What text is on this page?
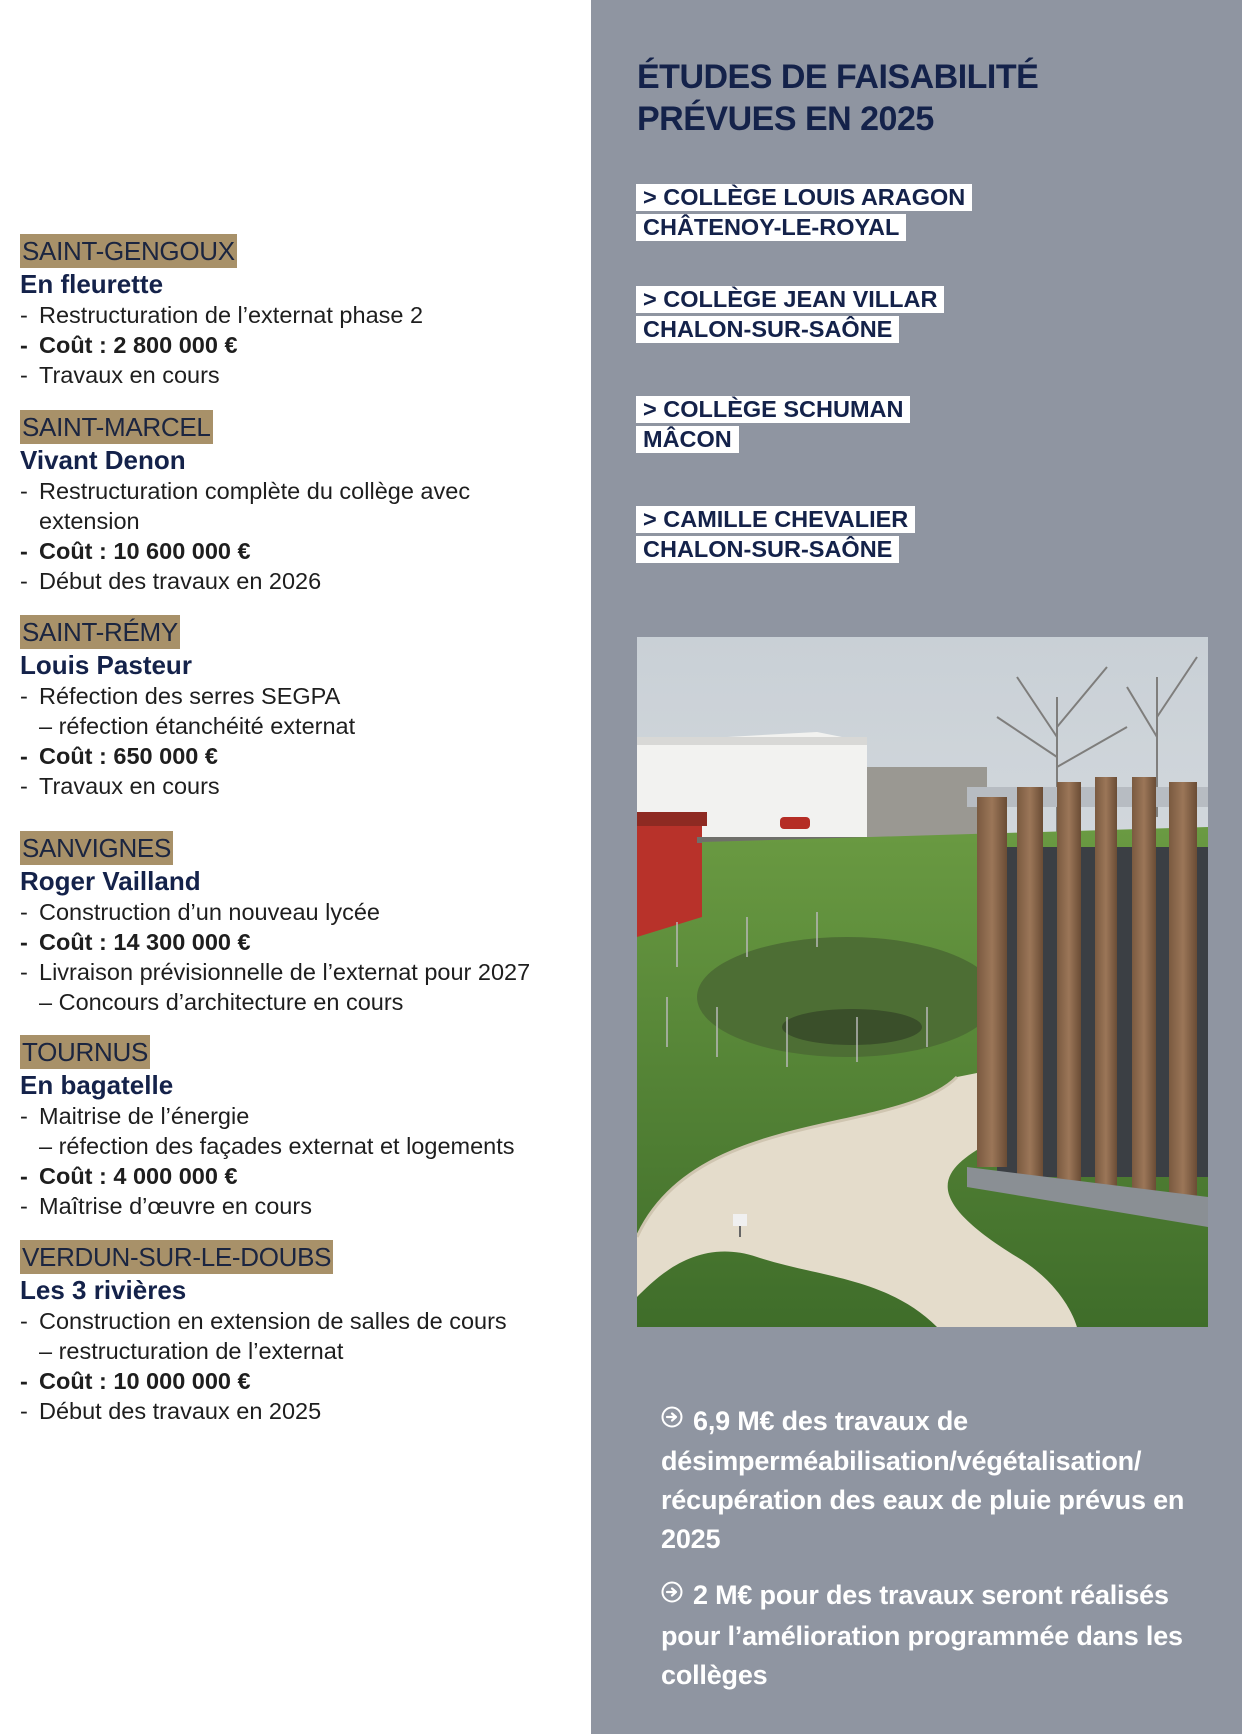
SAINT-GENGOUX
En fleurette
- Restructuration de l’externat phase 2
- Coût : 2 800 000 €
- Travaux en cours
SAINT-MARCEL
Vivant Denon
- Restructuration complète du collège avec
extension
- Coût : 10 600 000 €
- Début des travaux en 2026
SAINT-RÉMY
Louis Pasteur
- Réfection des serres SEGPA
– réfection étanchéité externat
- Coût : 650 000 €
- Travaux en cours
SANVIGNES
Roger Vailland
- Construction d’un nouveau lycée
- Coût : 14 300 000 €
- Livraison prévisionnelle de l’externat pour 2027
– Concours d’architecture en cours
TOURNUS
En bagatelle
- Maitrise de l’énergie
– réfection des façades externat et logements
- Coût : 4 000 000 €
- Maîtrise d’œuvre en cours
VERDUN-SUR-LE-DOUBS
Les 3 rivières
- Construction en extension de salles de cours
– restructuration de l’externat
- Coût : 10 000 000 €
- Début des travaux en 2025
ÉTUDES DE FAISABILITÉ
PRÉVUES EN 2025
> COLLÈGE LOUIS ARAGON
CHÂTENOY-LE-ROYAL
> COLLÈGE JEAN VILLAR
CHALON-SUR-SAÔNE
> COLLÈGE SCHUMAN
MÂCON
> CAMILLE CHEVALIER
CHALON-SUR-SAÔNE
6,9 M€ des travaux de désimperméabilisation/végétalisation/ récupération des eaux de pluie prévus en 2025
2 M€ pour des travaux seront réalisés pour l’amélioration programmée dans les collèges
